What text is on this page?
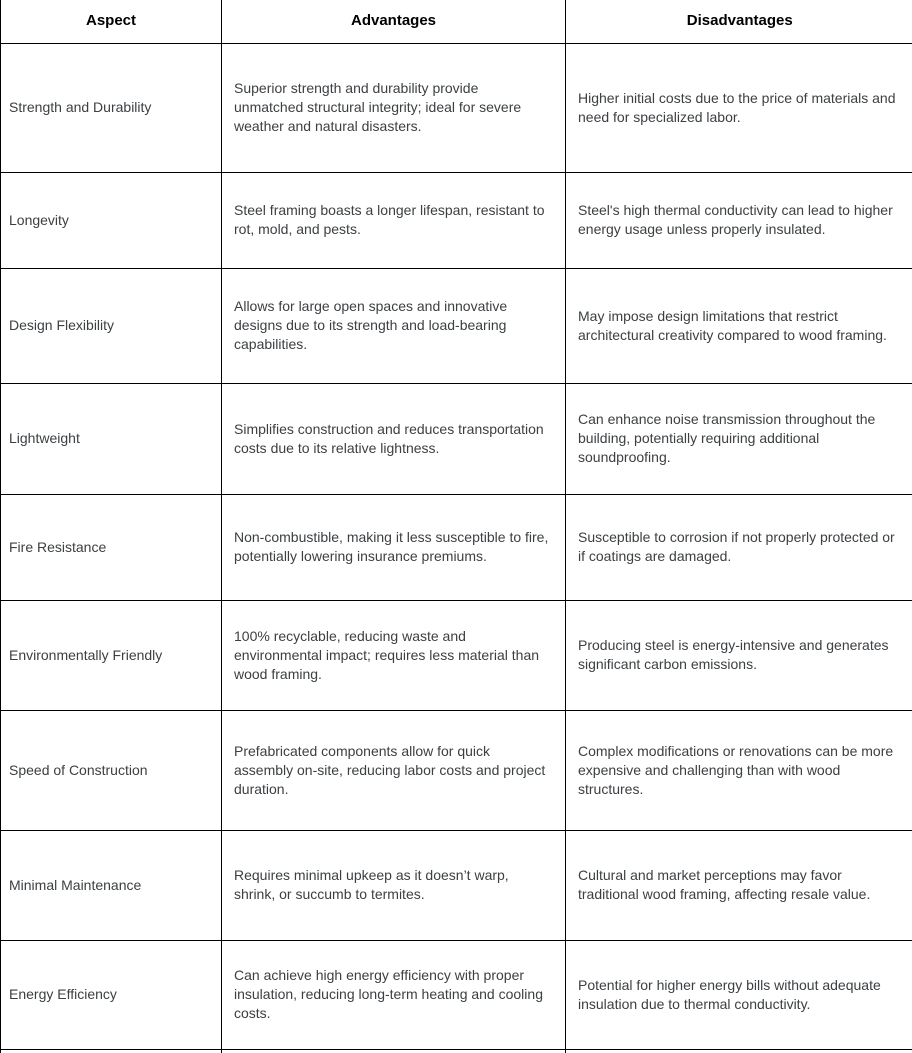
Aspect	Advantages	Disadvantages
Strength and Durability	Superior strength and durability provide unmatched structural integrity; ideal for severe weather and natural disasters.	Higher initial costs due to the price of materials and need for specialized labor.
Longevity	Steel framing boasts a longer lifespan, resistant to rot, mold, and pests.	Steel's high thermal conductivity can lead to higher energy usage unless properly insulated.
Design Flexibility	Allows for large open spaces and innovative designs due to its strength and load-bearing capabilities.	May impose design limitations that restrict architectural creativity compared to wood framing.
Lightweight	Simplifies construction and reduces transportation costs due to its relative lightness.	Can enhance noise transmission throughout the building, potentially requiring additional soundproofing.
Fire Resistance	Non-combustible, making it less susceptible to fire, potentially lowering insurance premiums.	Susceptible to corrosion if not properly protected or if coatings are damaged.
Environmentally Friendly	100% recyclable, reducing waste and environmental impact; requires less material than wood framing.	Producing steel is energy-intensive and generates significant carbon emissions.
Speed of Construction	Prefabricated components allow for quick assembly on-site, reducing labor costs and project duration.	Complex modifications or renovations can be more expensive and challenging than with wood structures.
Minimal Maintenance	Requires minimal upkeep as it doesn’t warp, shrink, or succumb to termites.	Cultural and market perceptions may favor traditional wood framing, affecting resale value.
Energy Efficiency	Can achieve high energy efficiency with proper insulation, reducing long-term heating and cooling costs.	Potential for higher energy bills without adequate insulation due to thermal conductivity.
